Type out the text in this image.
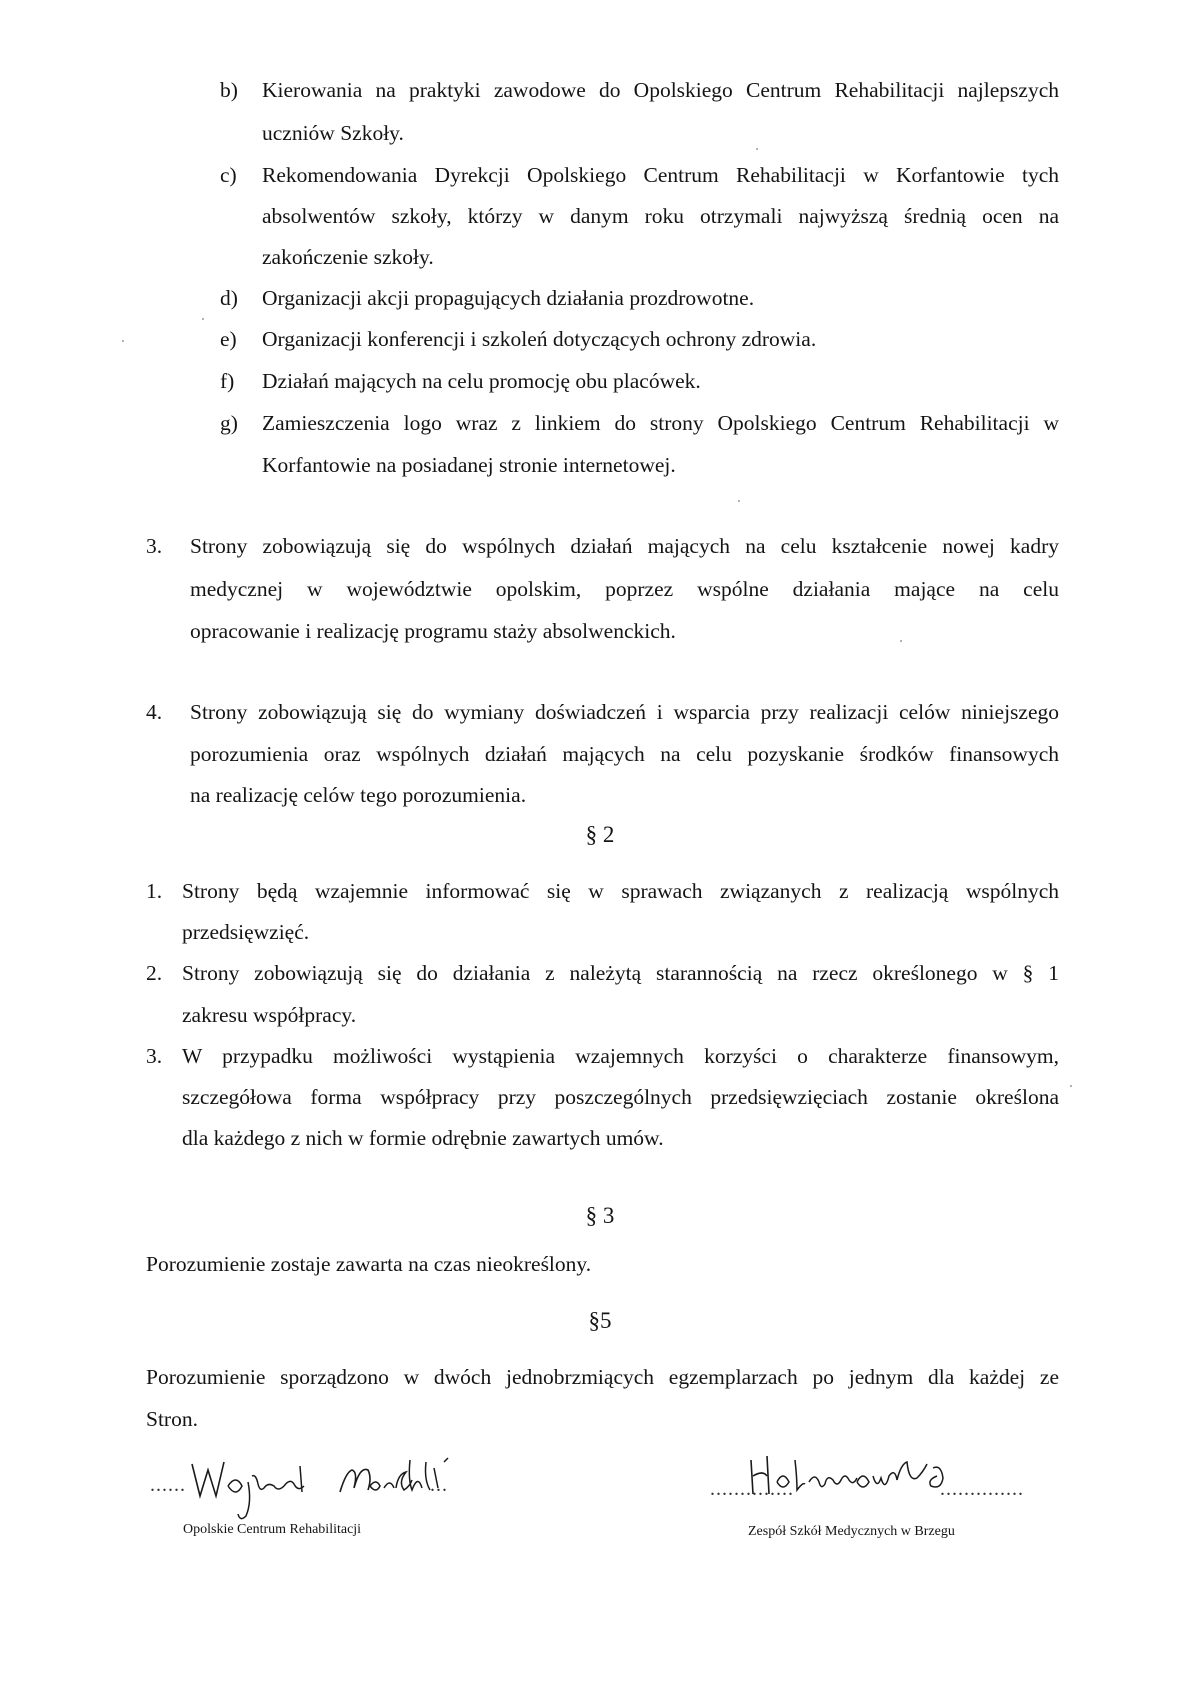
b) Kierowania na praktyki zawodowe do Opolskiego Centrum Rehabilitacji najlepszych
uczniów Szkoły.
c) Rekomendowania Dyrekcji Opolskiego Centrum Rehabilitacji w Korfantowie tych
absolwentów szkoły, którzy w danym roku otrzymali najwyższą średnią ocen na
zakończenie szkoły.
d) Organizacji akcji propagujących działania prozdrowotne.
e) Organizacji konferencji i szkoleń dotyczących ochrony zdrowia.
f) Działań mających na celu promocję obu placówek.
g) Zamieszczenia logo wraz z linkiem do strony Opolskiego Centrum Rehabilitacji w
Korfantowie na posiadanej stronie internetowej.
3. Strony zobowiązują się do wspólnych działań mających na celu kształcenie nowej kadry
medycznej w województwie opolskim, poprzez wspólne działania mające na celu
opracowanie i realizację programu staży absolwenckich.
4. Strony zobowiązują się do wymiany doświadczeń i wsparcia przy realizacji celów niniejszego
porozumienia oraz wspólnych działań mających na celu pozyskanie środków finansowych
na realizację celów tego porozumienia.
§ 2
1. Strony będą wzajemnie informować się w sprawach związanych z realizacją wspólnych
przedsięwzięć.
2. Strony zobowiązują się do działania z należytą starannością na rzecz określonego w § 1
zakresu współpracy.
3. W przypadku możliwości wystąpienia wzajemnych korzyści o charakterze finansowym,
szczegółowa forma współpracy przy poszczególnych przedsięwzięciach zostanie określona
dla każdego z nich w formie odrębnie zawartych umów.
§ 3
Porozumienie zostaje zawarta na czas nieokreślony.
§5
Porozumienie sporządzono w dwóch jednobrzmiących egzemplarzach po jednym dla każdej ze
Stron.
......	...
Opolskie Centrum Rehabilitacji
..............	..............
Zespół Szkół Medycznych w Brzegu
